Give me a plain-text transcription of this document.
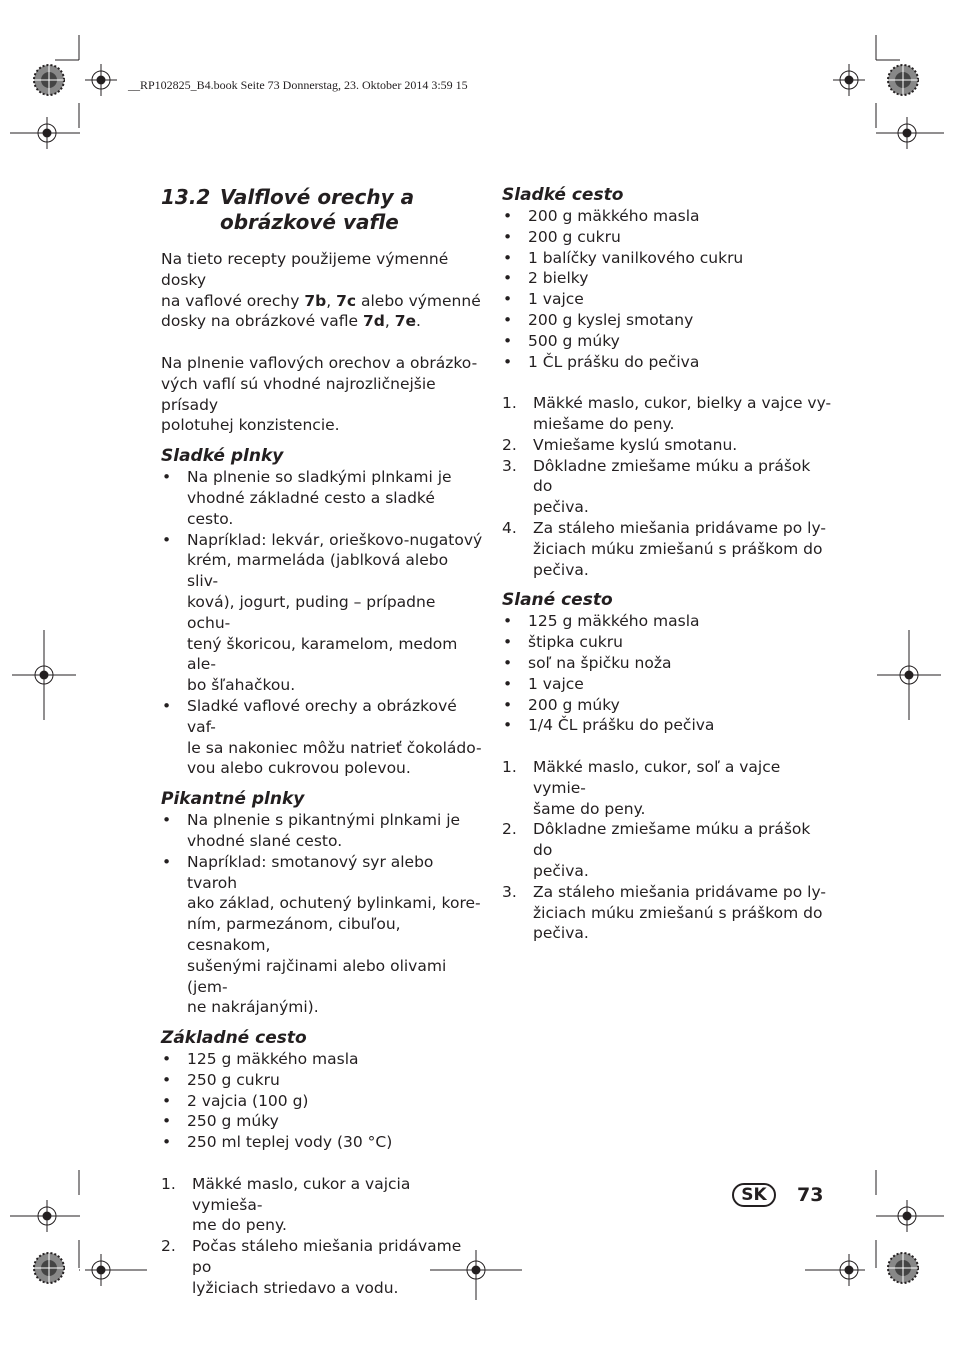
__RP102825_B4.book Seite 73 Donnerstag, 23. Oktober 2014 3:59 15
13.2 Valflové orechy a
obrázkové vafle

Na tieto recepty použijeme výmenné dosky
na vaflové orechy 7b, 7c alebo výmenné
dosky na obrázkové vafle 7d, 7e.

Na plnenie vaflových orechov a obrázko-
vých vaflí sú vhodné najrozličnejšie prísady
polotuhej konzistencie.

Sladké plnky
• Na plnenie so sladkými plnkami je
vhodné základné cesto a sladké cesto.
• Napríklad: lekvár, orieškovo-nugatový
krém, marmeláda (jablková alebo sliv-
ková), jogurt, puding – prípadne ochu-
tený škoricou, karamelom, medom ale-
bo šľahačkou.
• Sladké vaflové orechy a obrázkové vaf-
le sa nakoniec môžu natrieť čokoládo-
vou alebo cukrovou polevou.
Pikantné plnky
• Na plnenie s pikantnými plnkami je
vhodné slané cesto.
• Napríklad: smotanový syr alebo tvaroh
ako základ, ochutený bylinkami, kore-
ním, parmezánom, cibuľou, cesnakom,
sušenými rajčinami alebo olivami (jem-
ne nakrájanými).
Základné cesto
• 125 g mäkkého masla
• 250 g cukru
• 2 vajcia (100 g)
• 250 g múky
• 250 ml teplej vody (30 °C)
1. Mäkké maslo, cukor a vajcia vymieša-
me do peny.
2. Počas stáleho miešania pridávame po
lyžiciach striedavo a vodu.
Sladké cesto
• 200 g mäkkého masla
• 200 g cukru
• 1 balíčky vanilkového cukru
• 2 bielky
• 1 vajce
• 200 g kyslej smotany
• 500 g múky
• 1 ČL prášku do pečiva
1. Mäkké maslo, cukor, bielky a vajce vy-
miešame do peny.
2. Vmiešame kyslú smotanu.
3. Dôkladne zmiešame múku a prášok do
pečiva.
4. Za stáleho miešania pridávame po ly-
žiciach múku zmiešanú s práškom do
pečiva.
Slané cesto
• 125 g mäkkého masla
• štipka cukru
• soľ na špičku noža
• 1 vajce
• 200 g múky
• 1/4 ČL prášku do pečiva
1. Mäkké maslo, cukor, soľ a vajce vymie-
šame do peny.
2. Dôkladne zmiešame múku a prášok do
pečiva.
3. Za stáleho miešania pridávame po ly-
žiciach múku zmiešanú s práškom do
pečiva.
SK	73
